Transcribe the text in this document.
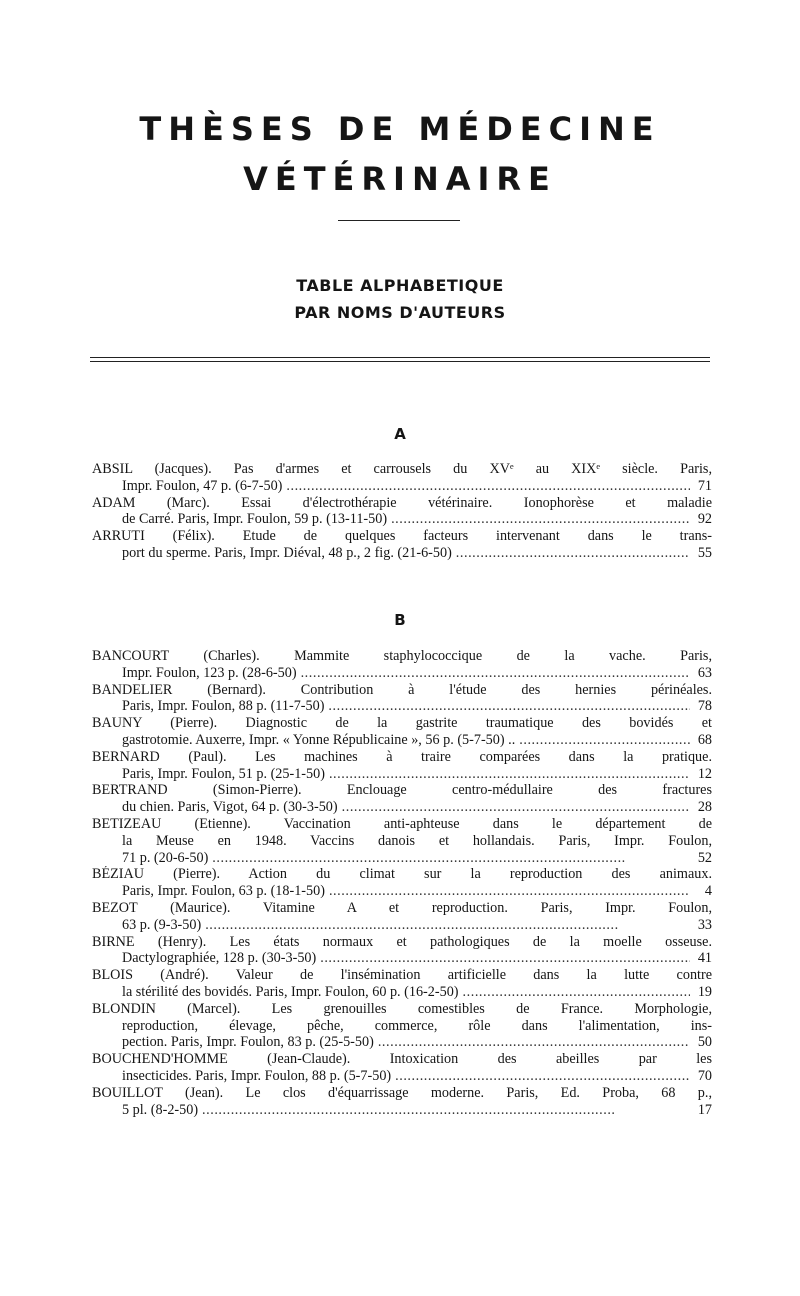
THÈSES DE MÉDECINE
VÉTÉRINAIRE
TABLE ALPHABETIQUE
PAR NOMS D'AUTEURS
A
ABSIL (Jacques). Pas d'armes et carrousels du XVᵉ au XIXᵉ siècle. Paris,
Impr. Foulon, 47 p. (6-7-50) . . .	71
ADAM (Marc). Essai d'électrothérapie vétérinaire. Ionophorèse et maladie
de Carré. Paris, Impr. Foulon, 59 p. (13-11-50) . . .	92
ARRUTI (Félix). Etude de quelques facteurs intervenant dans le trans-
port du sperme. Paris, Impr. Diéval, 48 p., 2 fig. (21-6-50) . . .	55
B
BANCOURT (Charles). Mammite staphylococcique de la vache. Paris,
Impr. Foulon, 123 p. (28-6-50) . . .	63
BANDELIER (Bernard). Contribution à l'étude des hernies périnéales.
Paris, Impr. Foulon, 88 p. (11-7-50) . . .	78
BAUNY (Pierre). Diagnostic de la gastrite traumatique des bovidés et
gastrotomie. Auxerre, Impr. « Yonne Républicaine », 56 p. (5-7-50) .. . . .	68
BERNARD (Paul). Les machines à traire comparées dans la pratique.
Paris, Impr. Foulon, 51 p. (25-1-50) . . .	12
BERTRAND (Simon-Pierre). Enclouage centro-médullaire des fractures
du chien. Paris, Vigot, 64 p. (30-3-50) . . .	28
BETIZEAU (Etienne). Vaccination anti-aphteuse dans le département de
la Meuse en 1948. Vaccins danois et hollandais. Paris, Impr. Foulon,
71 p. (20-6-50) . . .	52
BÉZIAU (Pierre). Action du climat sur la reproduction des animaux.
Paris, Impr. Foulon, 63 p. (18-1-50) . . .	4
BEZOT (Maurice). Vitamine A et reproduction. Paris, Impr. Foulon,
63 p. (9-3-50) . . .	33
BIRNE (Henry). Les états normaux et pathologiques de la moelle osseuse.
Dactylographiée, 128 p. (30-3-50) . . .	41
BLOIS (André). Valeur de l'insémination artificielle dans la lutte contre
la stérilité des bovidés. Paris, Impr. Foulon, 60 p. (16-2-50) . . .	19
BLONDIN (Marcel). Les grenouilles comestibles de France. Morphologie,
reproduction, élevage, pêche, commerce, rôle dans l'alimentation, ins-
pection. Paris, Impr. Foulon, 83 p. (25-5-50) . . .	50
BOUCHEND'HOMME (Jean-Claude). Intoxication des abeilles par les
insecticides. Paris, Impr. Foulon, 88 p. (5-7-50) . . .	70
BOUILLOT (Jean). Le clos d'équarrissage moderne. Paris, Ed. Proba, 68 p.,
5 pl. (8-2-50) . . .	17
